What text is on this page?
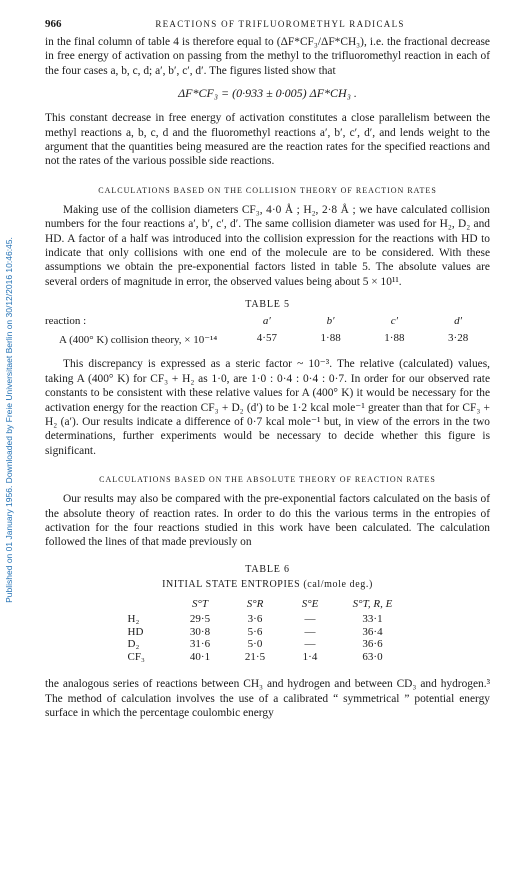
Published on 01 January 1956. Downloaded by Freie Universitaet Berlin on 30/12/2016 10:46:45.
966	REACTIONS OF TRIFLUOROMETHYL RADICALS

in the final column of table 4 is therefore equal to (ΔF*CF₃/ΔF*CH₃), i.e. the fractional decrease in free energy of activation on passing from the methyl to the trifluoromethyl reaction in each of the four cases a, b, c, d; a′, b′, c′, d′. The figures listed show that

ΔF*CF₃ = (0·933 ± 0·005) ΔF*CH₃ .

This constant decrease in free energy of activation constitutes a close parallelism between the methyl reactions a, b, c, d and the fluoromethyl reactions a′, b′, c′, d′, and lends weight to the argument that the quantities being measured are the reaction rates for the specified reactions and not the rates of the various possible side reactions.

CALCULATIONS BASED ON THE COLLISION THEORY OF REACTION RATES

Making use of the collision diameters CF₃, 4·0 Å ; H₂, 2·8 Å ; we have calculated collision numbers for the four reactions a′, b′, c′, d′. The same collision diameter was used for H₂, D₂ and HD. A factor of a half was introduced into the collision expression for the reactions with HD to indicate that only collisions with one end of the molecule are to be considered. With these assumptions we obtain the pre-exponential factors listed in table 5. The absolute values are several orders of magnitude in error, the observed values being about 5 × 10¹¹.

TABLE 5
reaction :	a′	b′	c′	d′
A (400° K) collision theory, × 10⁻¹⁴	4·57	1·88	1·88	3·28

This discrepancy is expressed as a steric factor ~ 10⁻³. The relative (calculated) values, taking A (400° K) for CF₃ + H₂ as 1·0, are 1·0 : 0·4 : 0·4 : 0·7. In order for our observed rate constants to be consistent with these relative values for A (400° K) it would be necessary for the activation energy for the reaction CF₃ + D₂ (d′) to be 1·2 kcal mole⁻¹ greater than that for CF₃ + H₂ (a′). Our results indicate a difference of 0·7 kcal mole⁻¹ but, in view of the errors in the two determinations, further experiments would be necessary to decide whether this figure is significant.

CALCULATIONS BASED ON THE ABSOLUTE THEORY OF REACTION RATES

Our results may also be compared with the pre-exponential factors calculated on the basis of the absolute theory of reaction rates. In order to do this the various terms in the entropies of activation for the four reactions studied in this work have been calculated. The calculation followed the lines of that made previously on

TABLE 6
INITIAL STATE ENTROPIES (cal/mole deg.)
	S°T	S°R	S°E	S°T, R, E
H₂	29·5	3·6	—	33·1
HD	30·8	5·6	—	36·4
D₂	31·6	5·0	—	36·6
CF₃	40·1	21·5	1·4	63·0

the analogous series of reactions between CH₃ and hydrogen and between CD₃ and hydrogen.³ The method of calculation involves the use of a calibrated “ symmetrical ” potential energy surface in which the percentage coulombic energy
